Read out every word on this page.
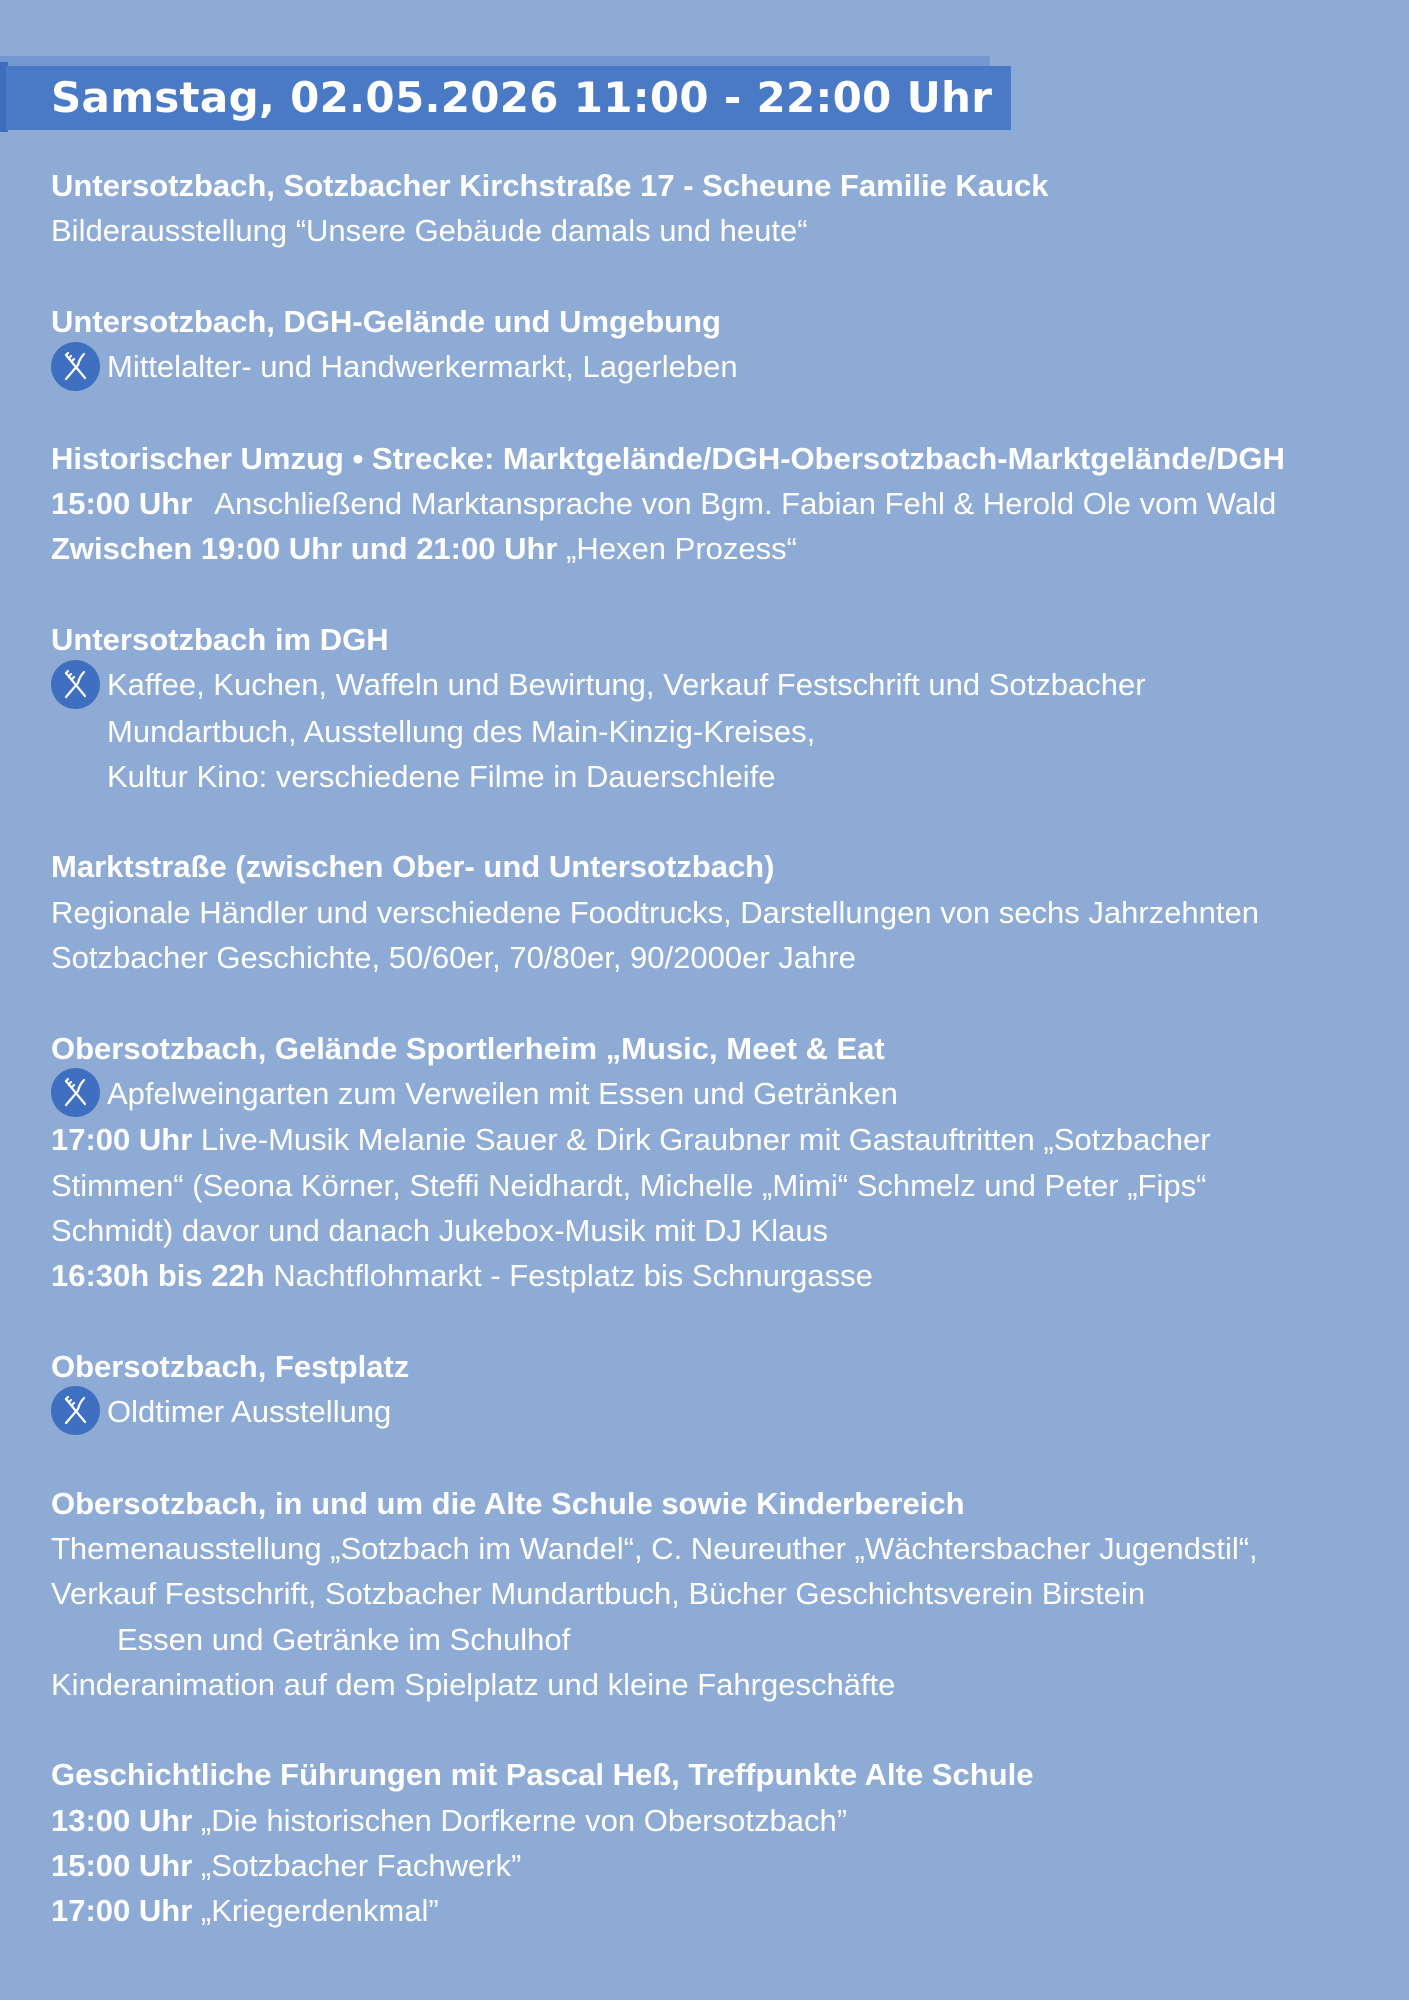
Samstag, 02.05.2026 11:00 - 22:00 Uhr

Untersotzbach, Sotzbacher Kirchstraße 17 - Scheune Familie Kauck

Bilderausstellung “Unsere Gebäude damals und heute“

Untersotzbach, DGH-Gelände und Umgebung

Mittelalter- und Handwerkermarkt, Lagerleben

Historischer Umzug • Strecke: Marktgelände/DGH-Obersotzbach-Marktgelände/DGH

15:00 Uhr Anschließend Marktansprache von Bgm. Fabian Fehl & Herold Ole vom Wald

Zwischen 19:00 Uhr und 21:00 Uhr „Hexen Prozess“

Untersotzbach im DGH

Kaffee, Kuchen, Waffeln und Bewirtung, Verkauf Festschrift und Sotzbacher

Mundartbuch, Ausstellung des Main-Kinzig-Kreises,

Kultur Kino: verschiedene Filme in Dauerschleife

Marktstraße (zwischen Ober- und Untersotzbach)

Regionale Händler und verschiedene Foodtrucks, Darstellungen von sechs Jahrzehnten

Sotzbacher Geschichte, 50/60er, 70/80er, 90/2000er Jahre

Obersotzbach, Gelände Sportlerheim „Music, Meet & Eat

Apfelweingarten zum Verweilen mit Essen und Getränken

17:00 Uhr Live-Musik Melanie Sauer & Dirk Graubner mit Gastauftritten „Sotzbacher

Stimmen“ (Seona Körner, Steffi Neidhardt, Michelle „Mimi“ Schmelz und Peter „Fips“

Schmidt) davor und danach Jukebox-Musik mit DJ Klaus

16:30h bis 22h Nachtflohmarkt - Festplatz bis Schnurgasse

Obersotzbach, Festplatz

Oldtimer Ausstellung

Obersotzbach, in und um die Alte Schule sowie Kinderbereich

Themenausstellung „Sotzbach im Wandel“, C. Neureuther „Wächtersbacher Jugendstil“,

Verkauf Festschrift, Sotzbacher Mundartbuch, Bücher Geschichtsverein Birstein

Essen und Getränke im Schulhof

Kinderanimation auf dem Spielplatz und kleine Fahrgeschäfte

Geschichtliche Führungen mit Pascal Heß, Treffpunkte Alte Schule

13:00 Uhr „Die historischen Dorfkerne von Obersotzbach”

15:00 Uhr „Sotzbacher Fachwerk”

17:00 Uhr „Kriegerdenkmal”
